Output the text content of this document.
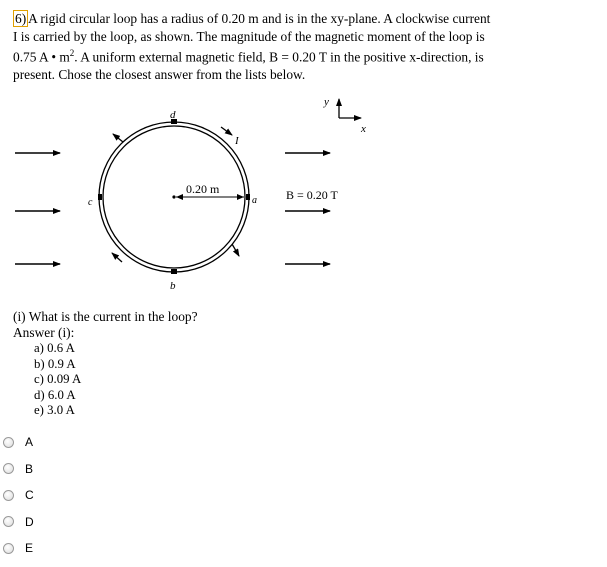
6) A rigid circular loop has a radius of 0.20 m and is in the xy-plane. A clockwise current
I is carried by the loop, as shown. The magnitude of the magnetic moment of the loop is
0.75 A • $m^2$. A uniform external magnetic field, B = 0.20 T in the positive x-direction, is
present. Chose the closest answer from the lists below.
d
b
c	a
I
0.20 m	B = 0.20 T
y
x
(i) What is the current in the loop?
Answer (i):
a) 0.6 A
b) 0.9 A
c) 0.09 A
d) 6.0 A
e) 3.0 A
A
B
C
D
E
